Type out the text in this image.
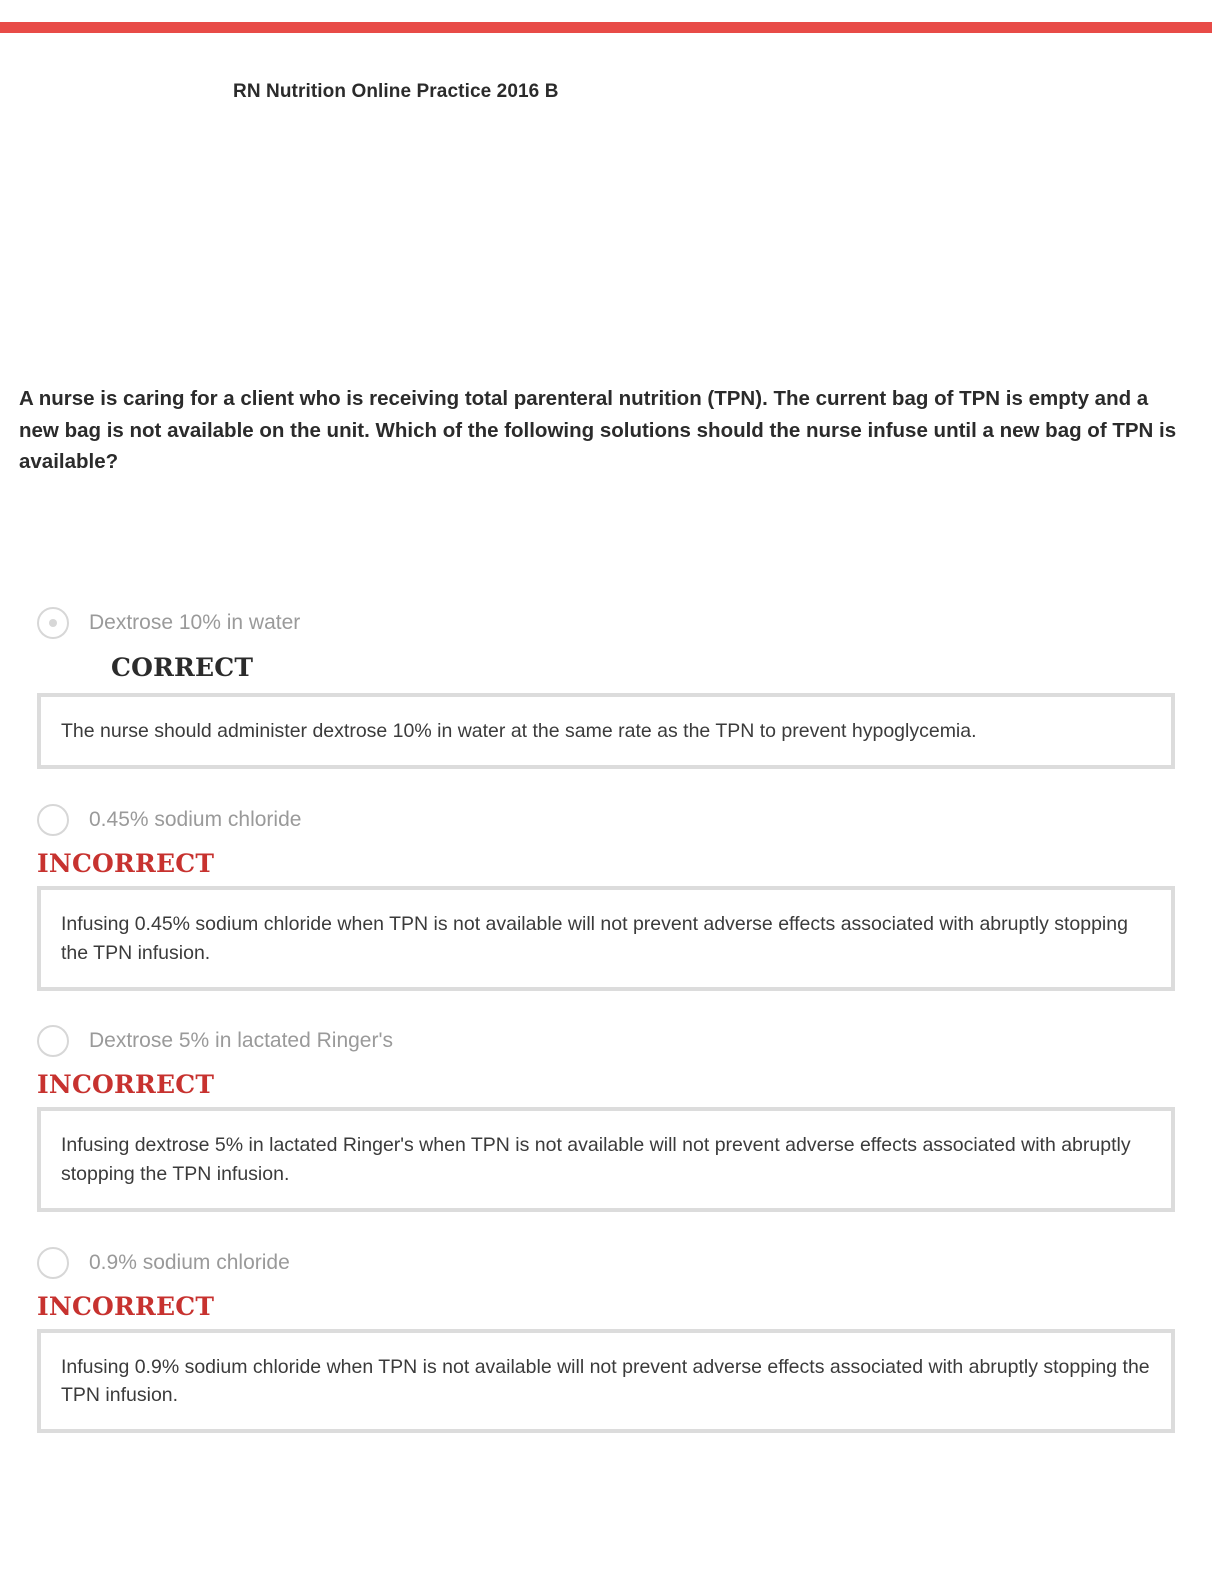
RN Nutrition Online Practice 2016 B

A nurse is caring for a client who is receiving total parenteral nutrition (TPN). The current bag of TPN is empty and a new bag is not available on the unit. Which of the following solutions should the nurse infuse until a new bag of TPN is available?

Dextrose 10% in water
CORRECT
The nurse should administer dextrose 10% in water at the same rate as the TPN to prevent hypoglycemia.
0.45% sodium chloride
INCORRECT
Infusing 0.45% sodium chloride when TPN is not available will not prevent adverse effects associated with abruptly stopping the TPN infusion.
Dextrose 5% in lactated Ringer's
INCORRECT
Infusing dextrose 5% in lactated Ringer's when TPN is not available will not prevent adverse effects associated with abruptly stopping the TPN infusion.
0.9% sodium chloride
INCORRECT
Infusing 0.9% sodium chloride when TPN is not available will not prevent adverse effects associated with abruptly stopping the TPN infusion.
